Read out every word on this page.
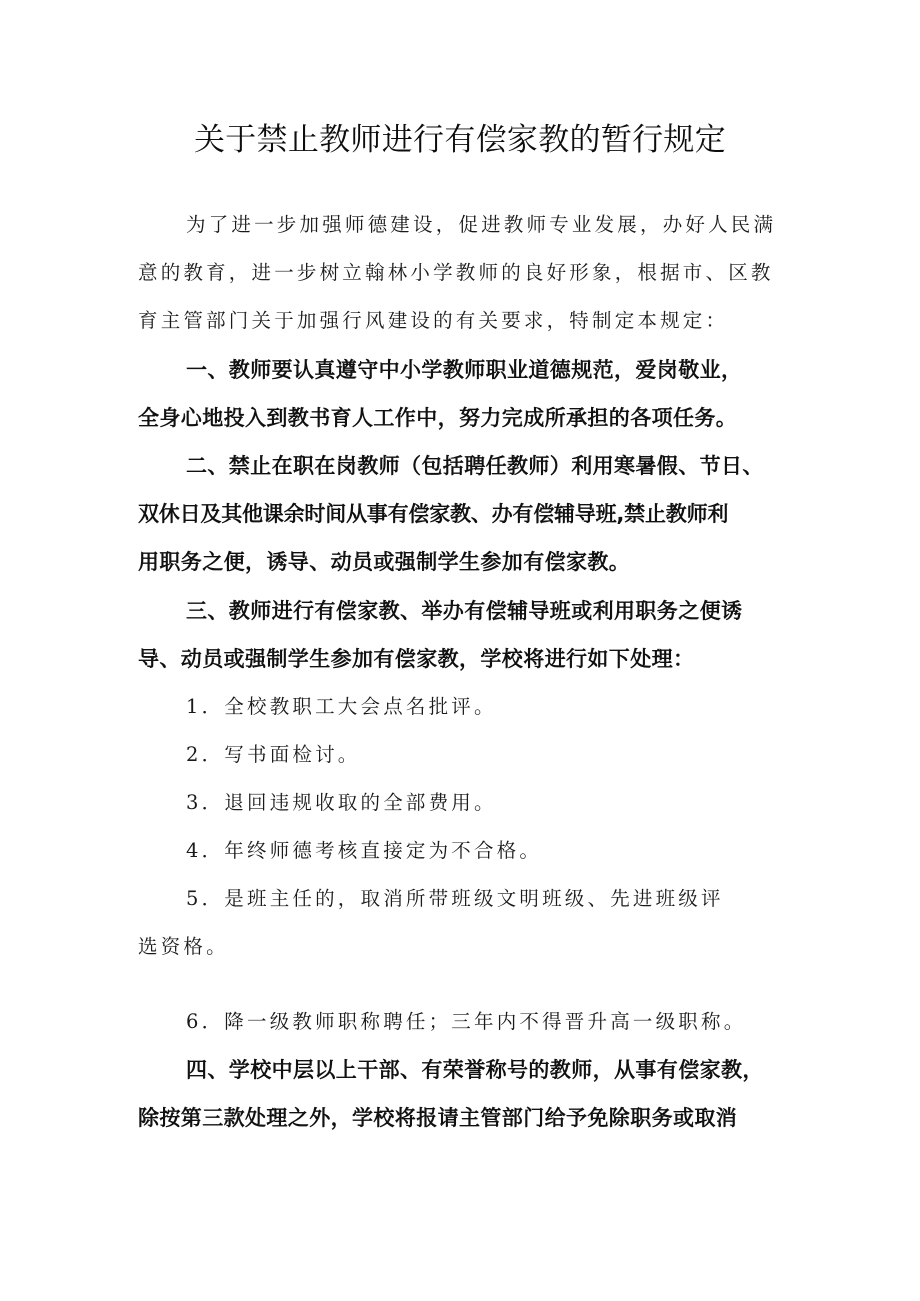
关于禁止教师进行有偿家教的暂行规定
为了进一步加强师德建设，促进教师专业发展，办好人民满
意的教育，进一步树立翰林小学教师的良好形象，根据市、区教
育主管部门关于加强行风建设的有关要求，特制定本规定：
一、教师要认真遵守中小学教师职业道德规范，爱岗敬业，
全身心地投入到教书育人工作中，努力完成所承担的各项任务。
二、禁止在职在岗教师（包括聘任教师）利用寒暑假、节日、
双休日及其他课余时间从事有偿家教、办有偿辅导班,禁止教师利
用职务之便，诱导、动员或强制学生参加有偿家教。
三、教师进行有偿家教、举办有偿辅导班或利用职务之便诱
导、动员或强制学生参加有偿家教，学校将进行如下处理：
1．全校教职工大会点名批评。
2．写书面检讨。
3．退回违规收取的全部费用。
4．年终师德考核直接定为不合格。
5．是班主任的，取消所带班级文明班级、先进班级评
选资格。
6．降一级教师职称聘任；三年内不得晋升高一级职称。
四、学校中层以上干部、有荣誉称号的教师，从事有偿家教，
除按第三款处理之外，学校将报请主管部门给予免除职务或取消
